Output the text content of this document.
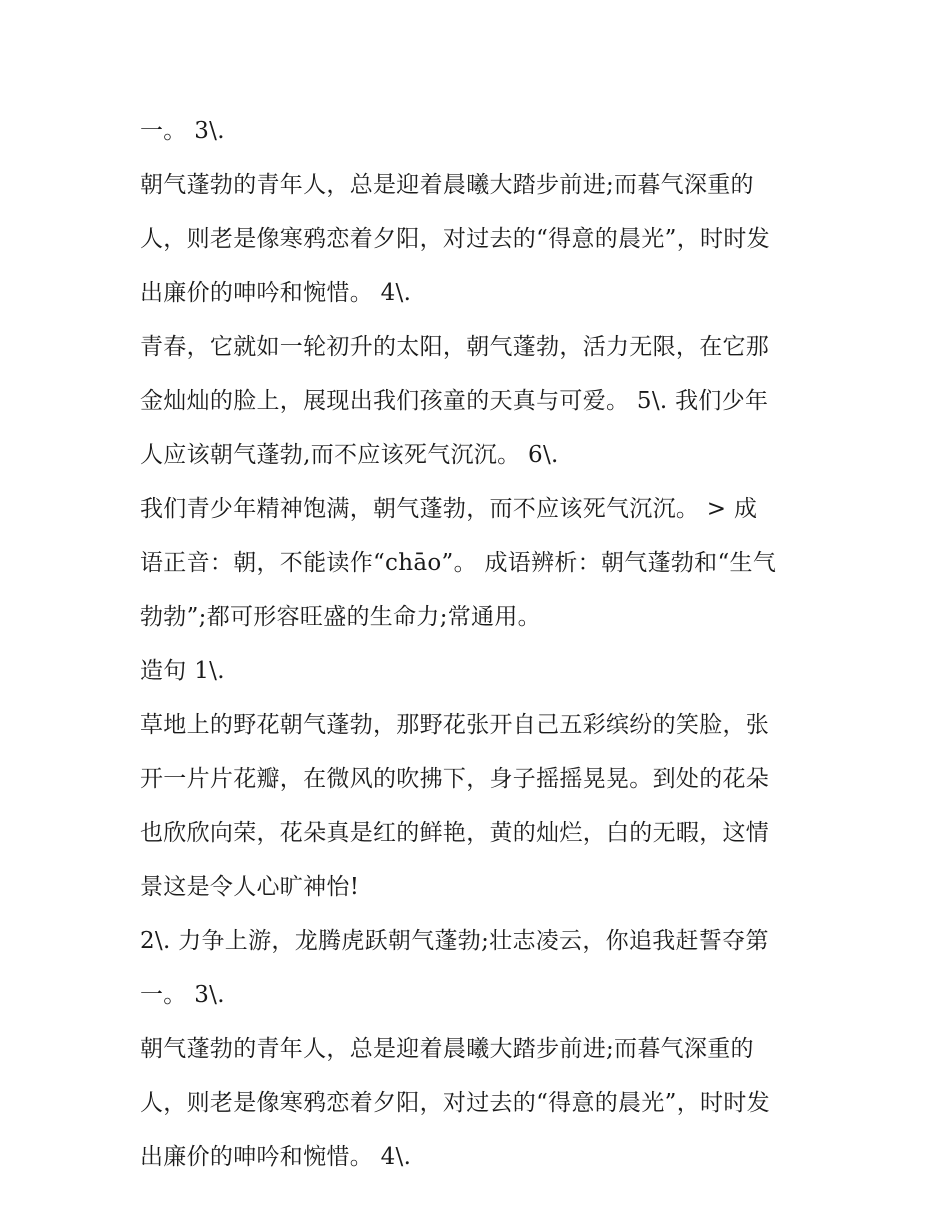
一。 3\.
朝气蓬勃的青年人，总是迎着晨曦大踏步前进;而暮气深重的
人，则老是像寒鸦恋着夕阳，对过去的“得意的晨光”，时时发
出廉价的呻吟和惋惜。 4\.
青春，它就如一轮初升的太阳，朝气蓬勃，活力无限，在它那
金灿灿的脸上，展现出我们孩童的天真与可爱。 5\. 我们少年
人应该朝气蓬勃,而不应该死气沉沉。 6\.
我们青少年精神饱满，朝气蓬勃，而不应该死气沉沉。 > 成
语正音：朝，不能读作“chāo”。 成语辨析：朝气蓬勃和“生气
勃勃”;都可形容旺盛的生命力;常通用。
造句 1\.
草地上的野花朝气蓬勃，那野花张开自己五彩缤纷的笑脸，张
开一片片花瓣，在微风的吹拂下，身子摇摇晃晃。到处的花朵
也欣欣向荣，花朵真是红的鲜艳，黄的灿烂，白的无暇，这情
景这是令人心旷神怡!
2\. 力争上游，龙腾虎跃朝气蓬勃;壮志凌云，你追我赶誓夺第
一。 3\.
朝气蓬勃的青年人，总是迎着晨曦大踏步前进;而暮气深重的
人，则老是像寒鸦恋着夕阳，对过去的“得意的晨光”，时时发
出廉价的呻吟和惋惜。 4\.
